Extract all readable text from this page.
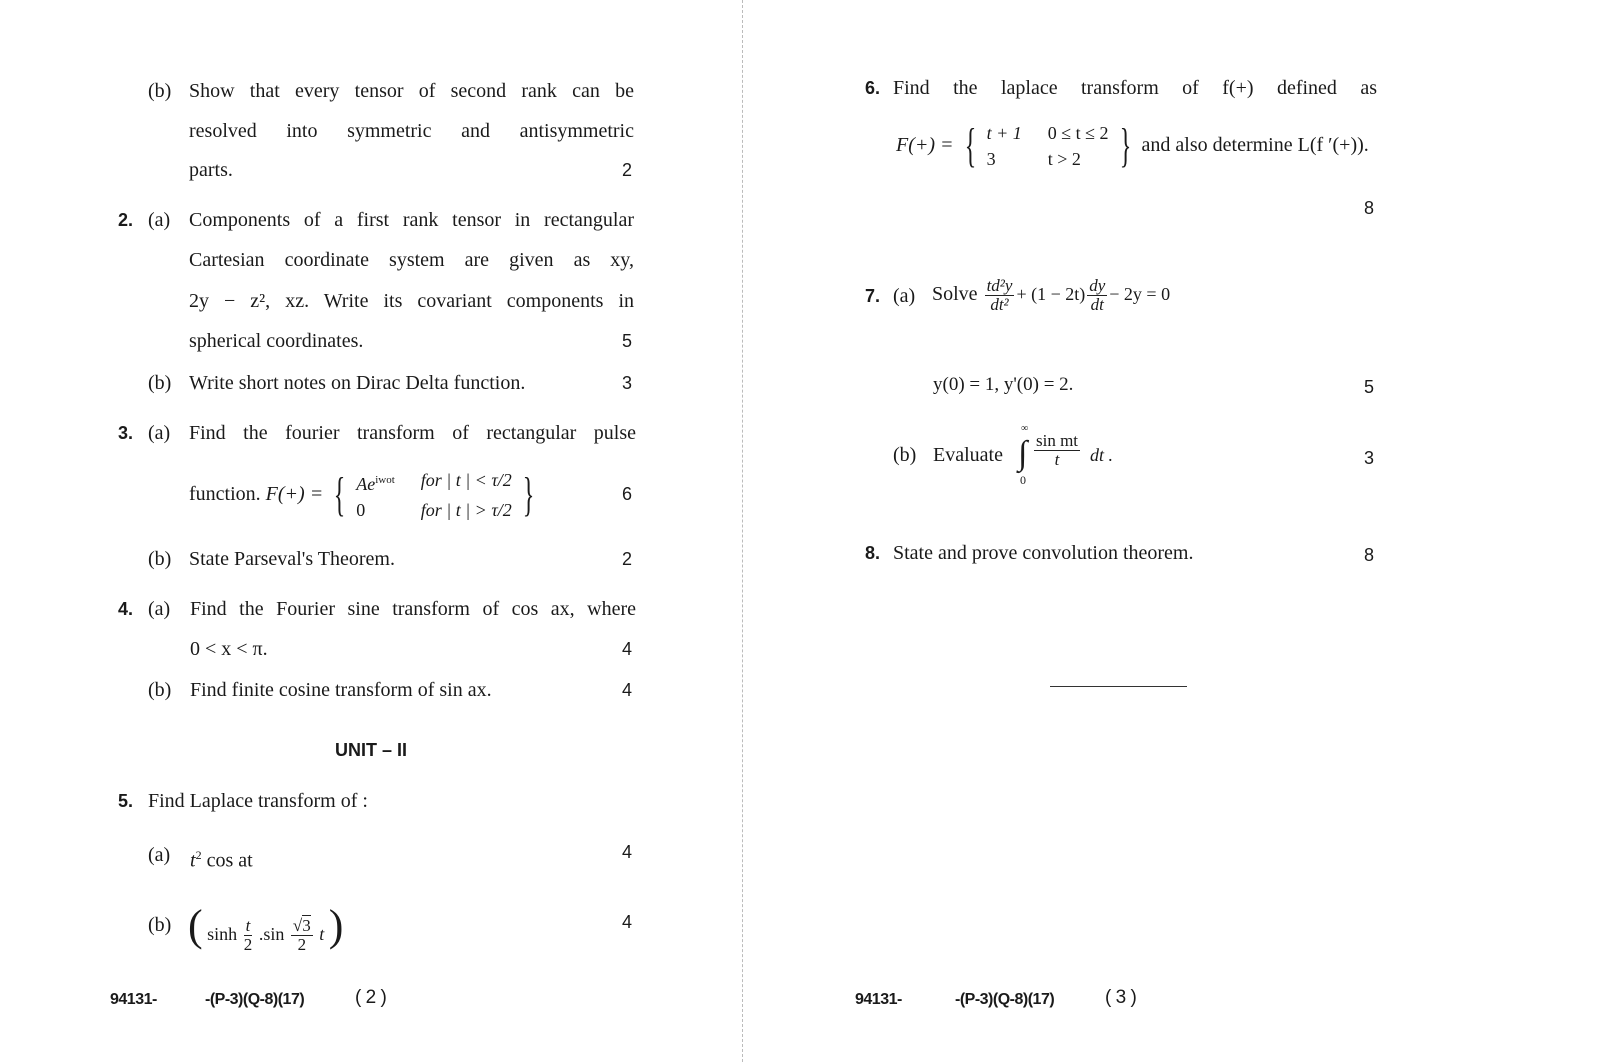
(b) Show that every tensor of second rank can be
resolved into symmetric and antisymmetric
parts.	2
2. (a) Components of a first rank tensor in rectangular
Cartesian coordinate system are given as xy,
2y − z², xz. Write its covariant components in
spherical coordinates.	5
(b) Write short notes on Dirac Delta function.	3
3. (a) Find the fourier transform of rectangular pulse
function. F(+) = { $Ae^{iwot}$ for | t | < τ/2
0	for | t | > τ/2 }	6
(b) State Parseval's Theorem.	2
4. (a) Find the Fourier sine transform of cos ax, where
0 < x < π.	4
(b) Find finite cosine transform of sin ax.	4
UNIT – II
5. Find Laplace transform of :
(a) $t^2$ cos at	4
(b) ( $\sinh \frac{t}{2} .\sin \frac{√3}{2}$ t )	4
94131-	-(P-3)(Q-8)(17)	( 2 )
6. Find the laplace transform of f(+) defined as
F(+) = { t + 1 0 ≤ t ≤ 2
3	t > 2 } and also determine L(f ′(+)).
8
7. (a) Solve $\frac{\text{td²y}}{\text{dt²}} + (1 - 2t) \frac{dy}{dt} - 2y = 0$
y(0) = 1, y'(0) = 2.	5
(b) Evaluate
∞
∫
0
$\frac{\text{sin mt}}{t}$ dt .	3
8. State and prove convolution theorem.	8
94131-	-(P-3)(Q-8)(17)	( 3 )
